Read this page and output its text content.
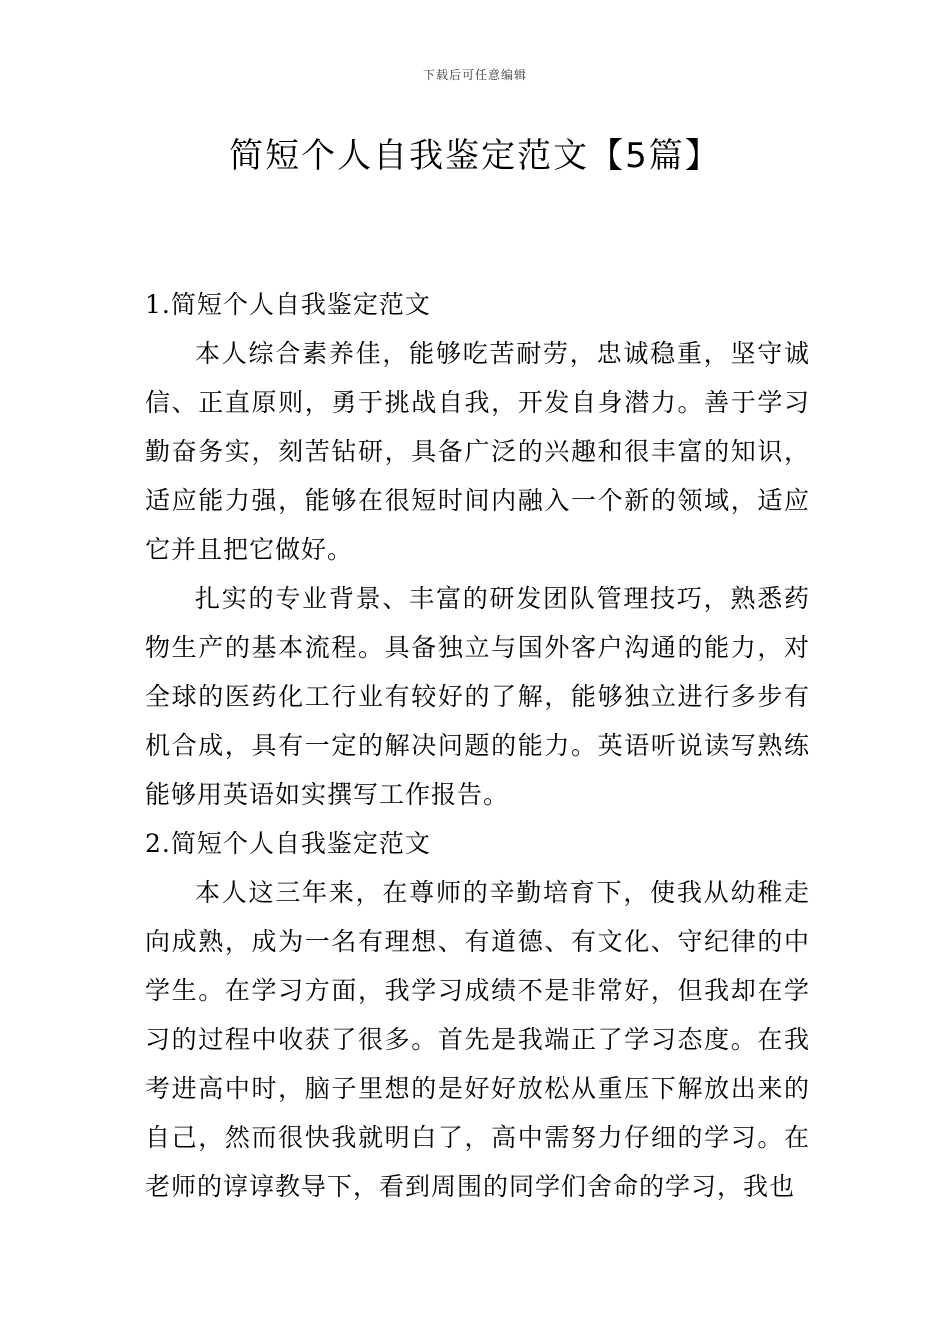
下载后可任意编辑
简短个人自我鉴定范文【5篇】
1.简短个人自我鉴定范文

本人综合素养佳，能够吃苦耐劳，忠诚稳重，坚守诚信、正直原则，勇于挑战自我，开发自身潜力。善于学习勤奋务实，刻苦钻研，具备广泛的兴趣和很丰富的知识，适应能力强，能够在很短时间内融入一个新的领域，适应它并且把它做好。

扎实的专业背景、丰富的研发团队管理技巧，熟悉药物生产的基本流程。具备独立与国外客户沟通的能力，对全球的医药化工行业有较好的了解，能够独立进行多步有机合成，具有一定的解决问题的能力。英语听说读写熟练能够用英语如实撰写工作报告。

2.简短个人自我鉴定范文

本人这三年来，在尊师的辛勤培育下，使我从幼稚走向成熟，成为一名有理想、有道德、有文化、守纪律的中学生。在学习方面，我学习成绩不是非常好，但我却在学习的过程中收获了很多。首先是我端正了学习态度。在我考进高中时，脑子里想的是好好放松从重压下解放出来的自己，然而很快我就明白了，高中需努力仔细的学习。在老师的谆谆教导下，看到周围的同学们舍命的学习，我也
